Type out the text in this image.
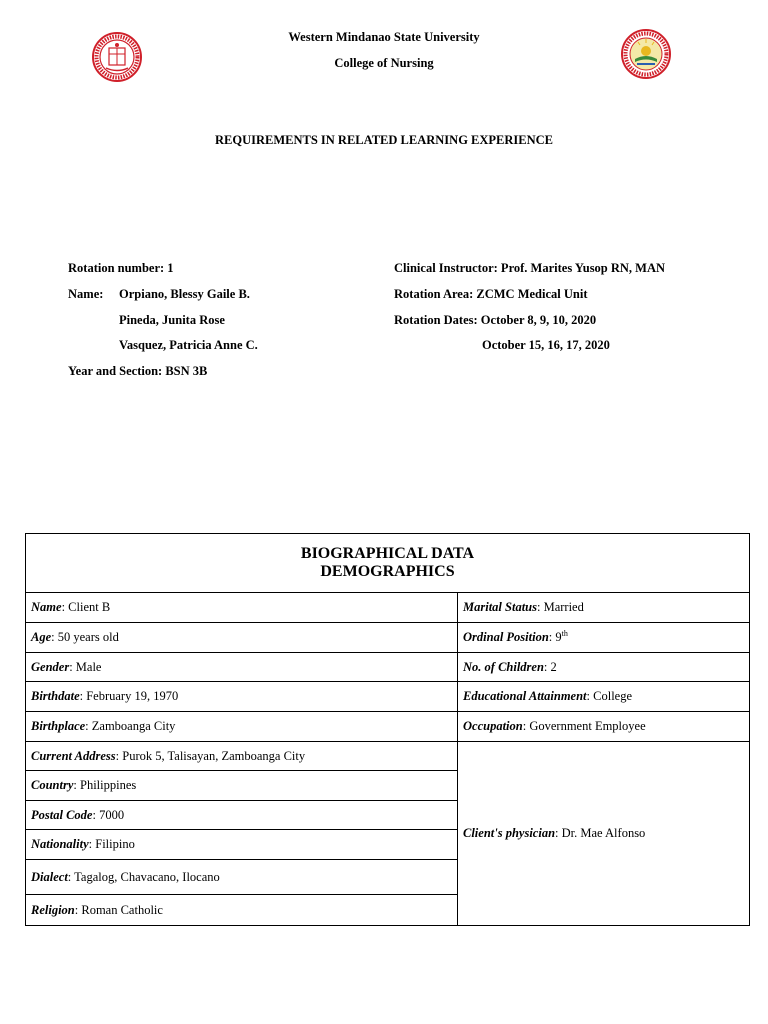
Western Mindanao State University
College of Nursing
REQUIREMENTS IN RELATED LEARNING EXPERIENCE
Rotation number: 1
Name: Orpiano, Blessy Gaile B.
Pineda, Junita Rose
Vasquez, Patricia Anne C.
Year and Section: BSN 3B
Clinical Instructor: Prof. Marites Yusop RN, MAN
Rotation Area: ZCMC Medical Unit
Rotation Dates: October 8, 9, 10, 2020
October 15, 16, 17, 2020
BIOGRAPHICAL DATA
DEMOGRAPHICS	

Name: Client B	Marital Status: Married
Age: 50 years old	Ordinal Position: 9th
Gender: Male	No. of Children: 2
Birthdate: February 19, 1970	Educational Attainment: College
Birthplace: Zamboanga City	Occupation: Government Employee
Current Address: Purok 5, Talisayan, Zamboanga City	Client's physician: Dr. Mae Alfonso
Country: Philippines	
Postal Code: 7000	
Nationality: Filipino	
Dialect: Tagalog, Chavacano, Ilocano	
Religion: Roman Catholic	
